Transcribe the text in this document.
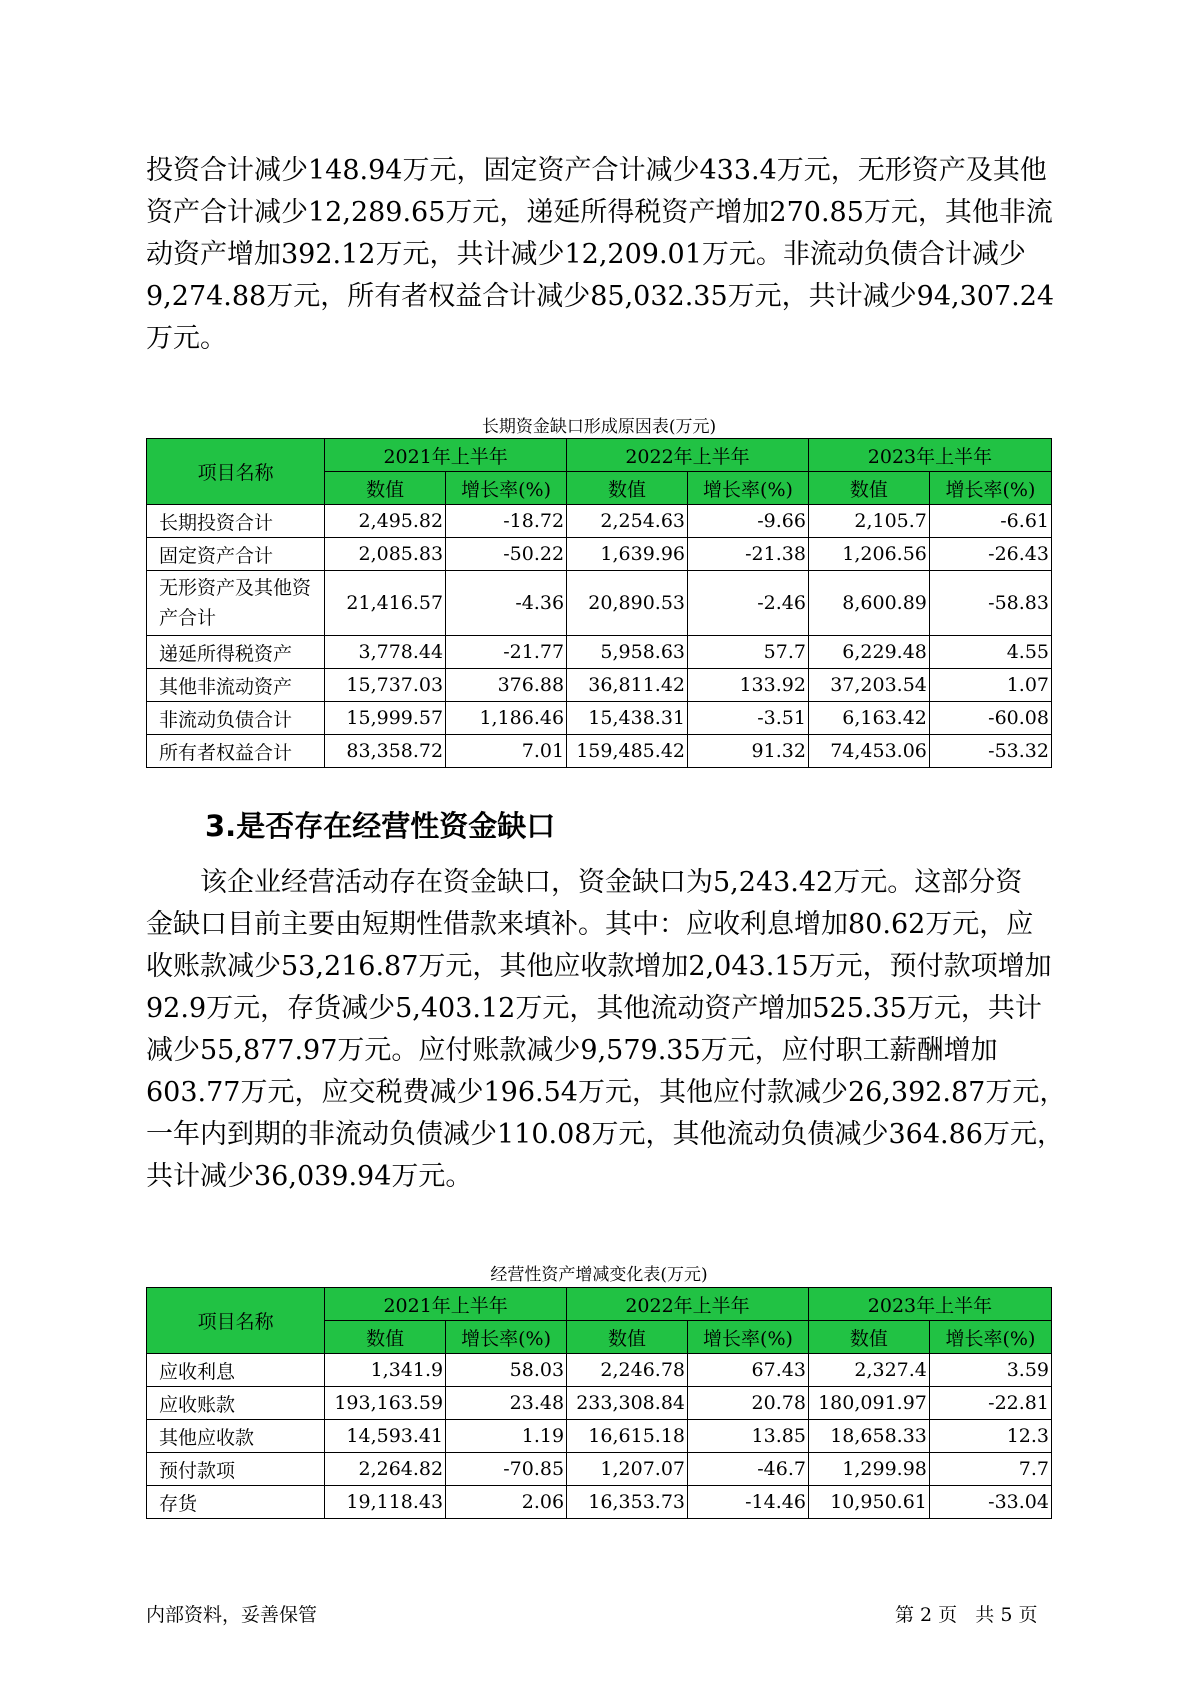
投资合计减少148.94万元，固定资产合计减少433.4万元，无形资产及其他
资产合计减少12,289.65万元，递延所得税资产增加270.85万元，其他非流
动资产增加392.12万元，共计减少12,209.01万元。非流动负债合计减少
9,274.88万元，所有者权益合计减少85,032.35万元，共计减少94,307.24
万元。
长期资金缺口形成原因表(万元)
项目名称	2021年上半年		2022年上半年		2023年上半年	
	数值	增长率(%)	数值	增长率(%)	数值	增长率(%)
长期投资合计	2,495.82	-18.72	2,254.63	-9.66	2,105.7	-6.61
固定资产合计	2,085.83	-50.22	1,639.96	-21.38	1,206.56	-26.43
无形资产及其他资
产合计	21,416.57	-4.36	20,890.53	-2.46	8,600.89	-58.83
递延所得税资产	3,778.44	-21.77	5,958.63	57.7	6,229.48	4.55
其他非流动资产	15,737.03	376.88	36,811.42	133.92	37,203.54	1.07
非流动负债合计	15,999.57	1,186.46	15,438.31	-3.51	6,163.42	-60.08
所有者权益合计	83,358.72	7.01	159,485.42	91.32	74,453.06	-53.32
3.是否存在经营性资金缺口
该企业经营活动存在资金缺口，资金缺口为5,243.42万元。这部分资
金缺口目前主要由短期性借款来填补。其中：应收利息增加80.62万元，应
收账款减少53,216.87万元，其他应收款增加2,043.15万元，预付款项增加
92.9万元，存货减少5,403.12万元，其他流动资产增加525.35万元，共计
减少55,877.97万元。应付账款减少9,579.35万元，应付职工薪酬增加
603.77万元，应交税费减少196.54万元，其他应付款减少26,392.87万元，
一年内到期的非流动负债减少110.08万元，其他流动负债减少364.86万元，
共计减少36,039.94万元。
经营性资产增减变化表(万元)
项目名称	2021年上半年		2022年上半年		2023年上半年	
	数值	增长率(%)	数值	增长率(%)	数值	增长率(%)
应收利息	1,341.9	58.03	2,246.78	67.43	2,327.4	3.59
应收账款	193,163.59	23.48	233,308.84	20.78	180,091.97	-22.81
其他应收款	14,593.41	1.19	16,615.18	13.85	18,658.33	12.3
预付款项	2,264.82	-70.85	1,207.07	-46.7	1,299.98	7.7
存货	19,118.43	2.06	16,353.73	-14.46	10,950.61	-33.04
内部资料，妥善保管	第 2 页   共 5 页
